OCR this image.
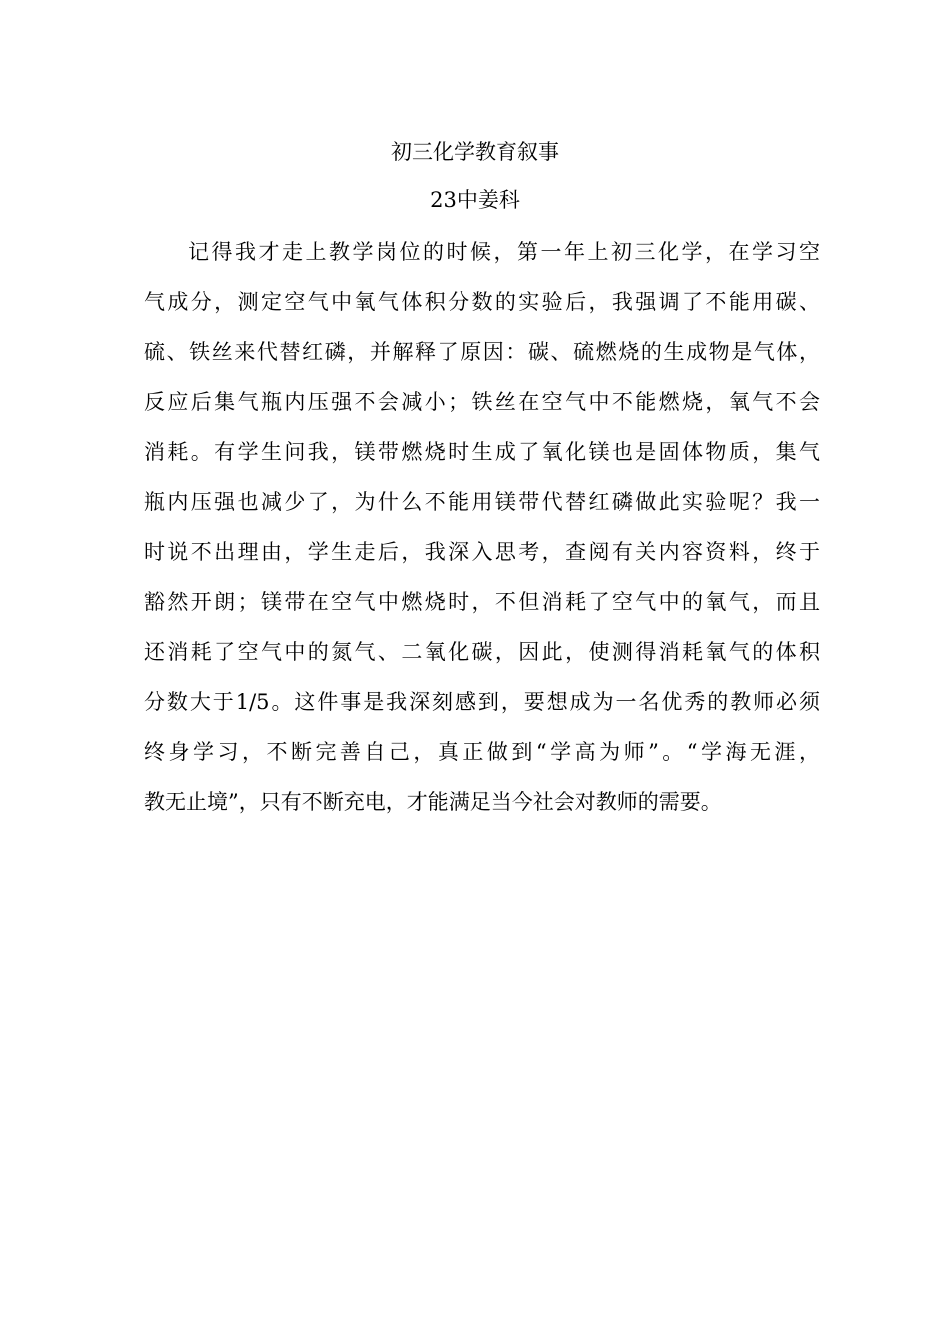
初三化学教育叙事
23中姜科
记得我才走上教学岗位的时候，第一年上初三化学，在学习空
气成分，测定空气中氧气体积分数的实验后，我强调了不能用碳、
硫、铁丝来代替红磷，并解释了原因：碳、硫燃烧的生成物是气体，
反应后集气瓶内压强不会减小；铁丝在空气中不能燃烧，氧气不会
消耗。有学生问我，镁带燃烧时生成了氧化镁也是固体物质，集气
瓶内压强也减少了，为什么不能用镁带代替红磷做此实验呢？我一
时说不出理由，学生走后，我深入思考，查阅有关内容资料，终于
豁然开朗；镁带在空气中燃烧时，不但消耗了空气中的氧气，而且
还消耗了空气中的氮气、二氧化碳，因此，使测得消耗氧气的体积
分数大于1/5。这件事是我深刻感到，要想成为一名优秀的教师必须
终身学习，不断完善自己，真正做到“学高为师”。“学海无涯，
教无止境”，只有不断充电，才能满足当今社会对教师的需要。
